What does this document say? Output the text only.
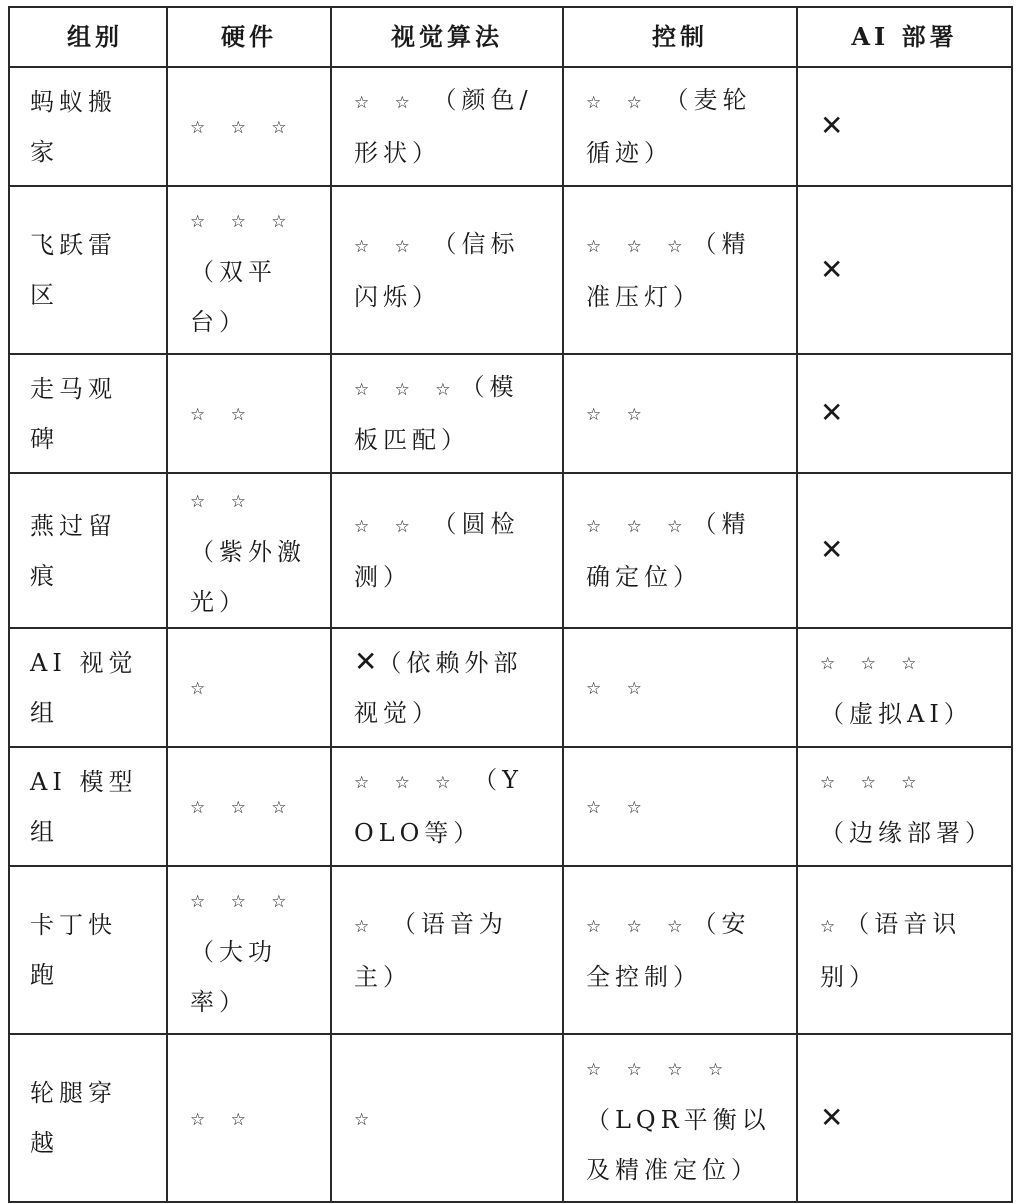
组别	硬件	视觉算法	控制	AI 部署
蚂蚁搬家	☆ ☆ ☆	☆ ☆ （颜色/形状）	☆ ☆ （麦轮循迹）	✕
飞跃雷区	☆ ☆ ☆ （双平台）	☆ ☆ （信标闪烁）	☆ ☆ ☆（精准压灯）	✕
走马观碑	☆ ☆	☆ ☆ ☆（模板匹配）	☆ ☆	✕
燕过留痕	☆ ☆ （紫外激光）	☆ ☆ （圆检测）	☆ ☆ ☆（精确定位）	✕
AI 视觉组	☆	✕（依赖外部视觉）	☆ ☆	☆ ☆ ☆ （虚拟AI）
AI 模型组	☆ ☆ ☆	☆ ☆ ☆ （YOLO等）	☆ ☆	☆ ☆ ☆ （边缘部署）
卡丁快跑	☆ ☆ ☆ （大功率）	☆ （语音为主）	☆ ☆ ☆（安全控制）	☆（语音识别）
轮腿穿越	☆ ☆	☆	☆ ☆ ☆ ☆ （LQR平衡以及精准定位）	✕
